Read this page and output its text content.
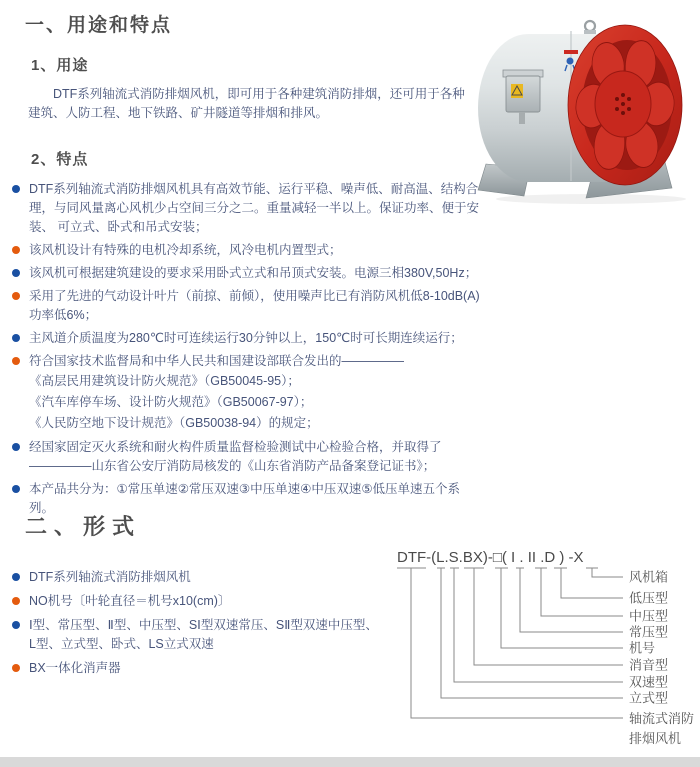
一、用途和特点
1、用途
DTF系列轴流式消防排烟风机，即可用于各种建筑消防排烟，还可用于各种建筑、人防工程、地下铁路、矿井隧道等排烟和排风。
2、特点
DTF系列轴流式消防排烟风机具有高效节能、运行平稳、噪声低、耐高温、结构合理，与同风量离心风机少占空间三分之二。重量减轻一半以上。保证功率、便于安装、 可立式、卧式和吊式安装；
该风机设计有特殊的电机冷却系统，风冷电机内置型式；
该风机可根据建筑建设的要求采用卧式立式和吊顶式安装。电源三相380V,50Hz；
采用了先进的气动设计叶片（前掠、前倾），使用噪声比已有消防风机低8-10dB(A)功率低6%；
主风道介质温度为280℃时可连续运行30分钟以上，150℃时可长期连续运行；
符合国家技术监督局和中华人民共和国建设部联合发出的—————
《高层民用建筑设计防火规范》（GB50045-95）；
《汽车库停车场、设计防火规范》（GB50067-97）；
《人民防空地下设计规范》（GB50038-94）的规定；
经国家固定灭火系统和耐火构件质量监督检验测试中心检验合格，并取得了—————山东省公安厅消防局核发的《山东省消防产品备案登记证书》；
本产品共分为：①常压单速②常压双速③中压单速④中压双速⑤低压单速五个系列。
二、形式
DTF系列轴流式消防排烟风机
NO机号〔叶轮直径＝机号x10(cm)〕
Ⅰ型、常压型、Ⅱ型、中压型、SⅠ型双速常压、SⅡ型双速中压型、L型、立式型、卧式、LS立式双速
BX一体化消声器
DTF-(L.S.BX)-□( I . II .D ) -X
风机箱
低压型
中压型
常压型
机号
消音型
双速型
立式型
轴流式消防
排烟风机
